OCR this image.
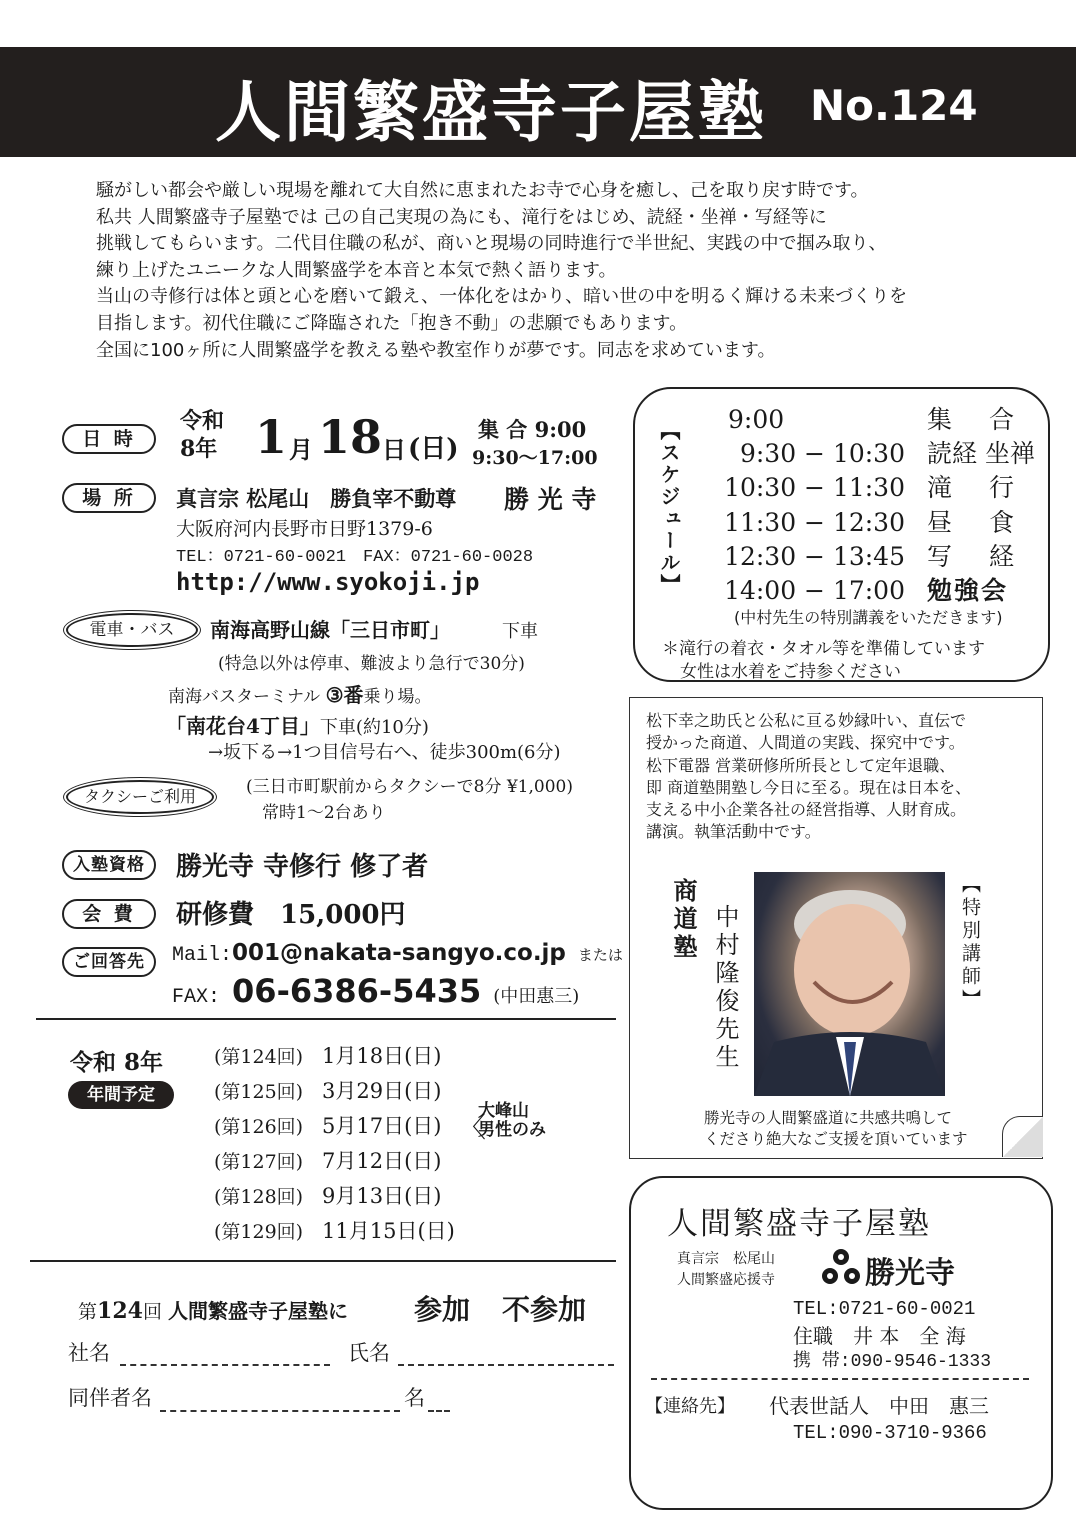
人間繁盛寺子屋塾 No.124
騒がしい都会や厳しい現場を離れて大自然に恵まれたお寺で心身を癒し、己を取り戻す時です。
私共 人間繁盛寺子屋塾では 己の自己実現の為にも、滝行をはじめ、読経・坐禅・写経等に
挑戦してもらいます。二代目住職の私が、商いと現場の同時進行で半世紀、実践の中で掴み取り、
練り上げたユニークな人間繁盛学を本音と本気で熱く語ります。
当山の寺修行は体と頭と心を磨いて鍛え、一体化をはかり、暗い世の中を明るく輝ける未来づくりを
目指します。初代住職にご降臨された「抱き不動」の悲願でもあります。
全国に100ヶ所に人間繁盛学を教える塾や教室作りが夢です。同志を求めています。
日 時
令和
8年 1 月 18 日 (日)
集 合 9:00
9:30〜17:00
場 所	真言宗 松尾山　勝負宰不動尊 勝 光 寺
大阪府河内長野市日野1379-6
TEL：0721-60-0021　FAX：0721-60-0028
http://www.syokoji.jp
電車・バス	南海高野山線「三日市町」	下車
(特急以外は停車、難波より急行で30分)
南海バスターミナル ③番乗り場。
「南花台4丁目」下車(約10分)
→坂下る→1つ目信号右へ、徒歩300m(6分)
タクシーご利用	(三日市町駅前からタクシーで8分 ¥1,000)
常時1〜2台あり
入塾資格	勝光寺 寺修行 修了者
会 費	研修費　15,000円
ご回答先	Mail:001@nakata-sangyo.co.jp または
FAX: 06-6386-5435 (中田惠三)
令和 8年
年間予定
(第124回) 1月18日(日)
(第125回) 3月29日(日)
(第126回) 5月17日(日)
(第127回) 7月12日(日)
(第128回) 9月13日(日)
(第129回) 11月15日(日)
〈
大峰山
男性のみ
第124回 人間繁盛寺子屋塾に 参加 不参加
社名	氏名
同伴者名	名
【スケジュール】
9:00	集　合
9:30 − 10:30 読経 坐禅
10:30 − 11:30 滝　行
11:30 − 12:30 昼　食
12:30 − 13:45 写　経
14:00 − 17:00 勉強会
(中村先生の特別講義をいただきます)
＊滝行の着衣・タオル等を準備しています
女性は水着をご持参ください
松下幸之助氏と公私に亘る妙縁叶い、直伝で
授かった商道、人間道の実践、探究中です。
松下電器 営業研修所所長として定年退職、
即 商道塾開塾し今日に至る。現在は日本を、
支える中小企業各社の経営指導、人財育成。
講演。執筆活動中です。
商道塾 中村隆俊先生	【特別講師】
勝光寺の人間繁盛道に共感共鳴して
くださり絶大なご支援を頂いています
人間繁盛寺子屋塾
真言宗　松尾山
人間繁盛応援寺	勝光寺
TEL:0721-60-0021
住職　井 本　全 海
携 帯:090-9546-1333
【連絡先】 代表世話人　中田　惠三
TEL:090-3710-9366
